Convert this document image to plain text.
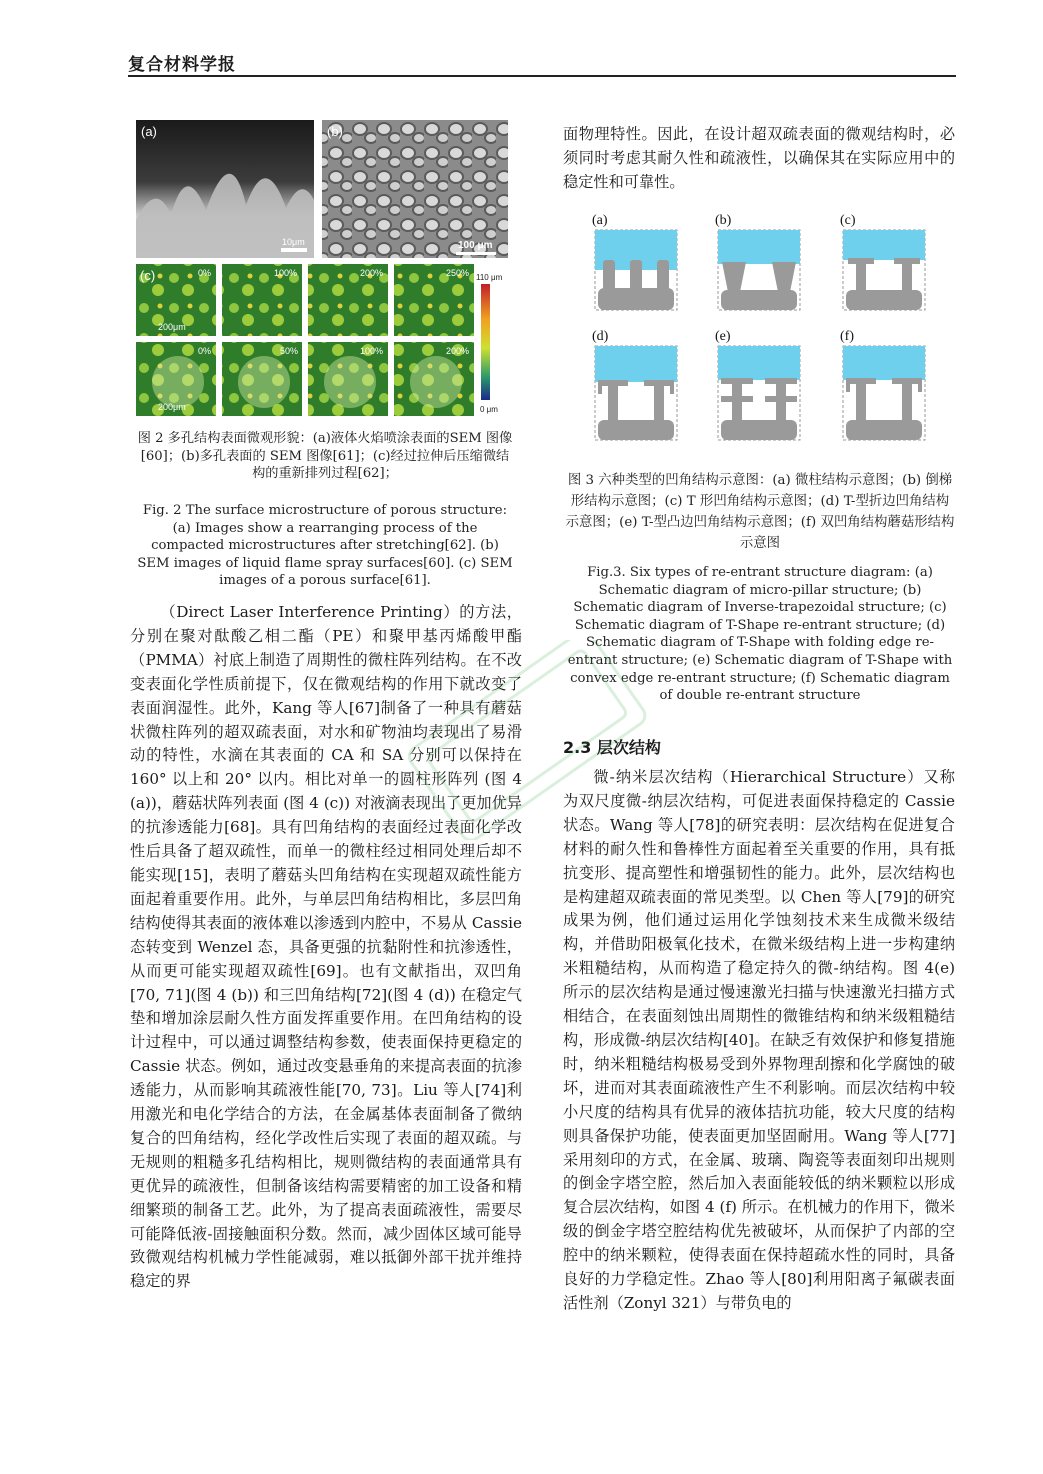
复合材料学报
(a)
10μm
(b)
100 μm
0%	100%	200%	250%
200μm
(c)
0%	50%	100%	200%
200μm
110 μm
0 μm
图 2 多孔结构表面微观形貌：(a)液体火焰喷涂表面的SEM 图像[60]；(b)多孔表面的 SEM 图像[61]；(c)经过拉伸后压缩微结构的重新排列过程[62]；
Fig. 2 The surface microstructure of porous structure: (a) Images show a rearranging process of the compacted microstructures after stretching[62]. (b) SEM images of liquid flame spray surfaces[60]. (c) SEM images of a porous surface[61].

面物理特性。因此，在设计超双疏表面的微观结构时，必须同时考虑其耐久性和疏液性，以确保其在实际应用中的稳定性和可靠性。

(a)	(b)	(c)
(d)	(e)	(f)
图 3 六种类型的凹角结构示意图：(a) 微柱结构示意图；(b) 倒梯形结构示意图；(c) T 形凹角结构示意图；(d) T-型折边凹角结构示意图；(e) T-型凸边凹角结构示意图；(f) 双凹角结构蘑菇形结构示意图
Fig.3. Six types of re-entrant structure diagram: (a) Schematic diagram of micro-pillar structure; (b) Schematic diagram of Inverse-trapezoidal structure; (c) Schematic diagram of T-Shape re-entrant structure; (d) Schematic diagram of T-Shape with folding edge re-entrant structure; (e) Schematic diagram of T-Shape with convex edge re-entrant structure; (f) Schematic diagram of double re-entrant structure
2.3 层次结构

（Direct Laser Interference Printing）的方法，分别在聚对酞酸乙相二酯（PE）和聚甲基丙烯酸甲酯（PMMA）衬底上制造了周期性的微柱阵列结构。在不改变表面化学性质前提下，仅在微观结构的作用下就改变了表面润湿性。此外，Kang 等人[67]制备了一种具有蘑菇状微柱阵列的超双疏表面，对水和矿物油均表现出了易滑动的特性，水滴在其表面的 CA 和 SA 分别可以保持在 160° 以上和 20° 以内。相比对单一的圆柱形阵列 (图 4 (a))，蘑菇状阵列表面 (图 4 (c)) 对液滴表现出了更加优异的抗渗透能力[68]。具有凹角结构的表面经过表面化学改性后具备了超双疏性，而单一的微柱经过相同处理后却不能实现[15]，表明了蘑菇头凹角结构在实现超双疏性能方面起着重要作用。此外，与单层凹角结构相比，多层凹角结构使得其表面的液体难以渗透到内腔中，不易从 Cassie 态转变到 Wenzel 态，具备更强的抗黏附性和抗渗透性，从而更可能实现超双疏性[69]。也有文献指出，双凹角[70, 71](图 4 (b)) 和三凹角结构[72](图 4 (d)) 在稳定气垫和增加涂层耐久性方面发挥重要作用。在凹角结构的设计过程中，可以通过调整结构参数，使表面保持更稳定的 Cassie 状态。例如，通过改变悬垂角的来提高表面的抗渗透能力，从而影响其疏液性能[70, 73]。Liu 等人[74]利用激光和电化学结合的方法，在金属基体表面制备了微纳复合的凹角结构，经化学改性后实现了表面的超双疏。与无规则的粗糙多孔结构相比，规则微结构的表面通常具有更优异的疏液性，但制备该结构需要精密的加工设备和精细繁琐的制备工艺。此外，为了提高表面疏液性，需要尽可能降低液-固接触面积分数。然而，减少固体区域可能导致微观结构机械力学性能减弱，难以抵御外部干扰并维持稳定的界

微-纳米层次结构（Hierarchical Structure）又称为双尺度微-纳层次结构，可促进表面保持稳定的 Cassie 状态。Wang 等人[78]的研究表明：层次结构在促进复合材料的耐久性和鲁棒性方面起着至关重要的作用，具有抵抗变形、提高塑性和增强韧性的能力。此外，层次结构也是构建超双疏表面的常见类型。以 Chen 等人[79]的研究成果为例，他们通过运用化学蚀刻技术来生成微米级结构，并借助阳极氧化技术，在微米级结构上进一步构建纳米粗糙结构，从而构造了稳定持久的微-纳结构。图 4(e) 所示的层次结构是通过慢速激光扫描与快速激光扫描方式相结合，在表面刻蚀出周期性的微锥结构和纳米级粗糙结构，形成微-纳层次结构[40]。在缺乏有效保护和修复措施时，纳米粗糙结构极易受到外界物理刮擦和化学腐蚀的破坏，进而对其表面疏液性产生不利影响。而层次结构中较小尺度的结构具有优异的液体拮抗功能，较大尺度的结构则具备保护功能，使表面更加坚固耐用。Wang 等人[77]采用刻印的方式，在金属、玻璃、陶瓷等表面刻印出规则的倒金字塔空腔，然后加入表面能较低的纳米颗粒以形成复合层次结构，如图 4 (f) 所示。在机械力的作用下，微米级的倒金字塔空腔结构优先被破坏，从而保护了内部的空腔中的纳米颗粒，使得表面在保持超疏水性的同时，具备良好的力学稳定性。Zhao 等人[80]利用阳离子氟碳表面活性剂（Zonyl 321）与带负电的
